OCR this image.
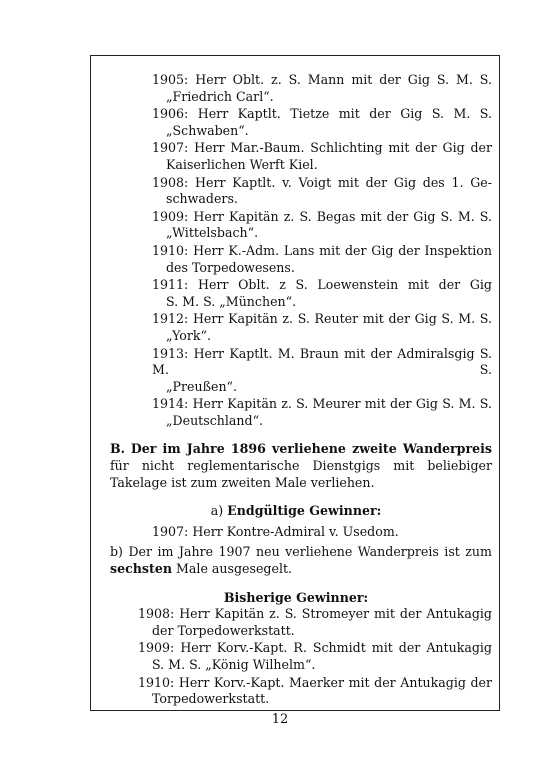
1905: Herr Oblt. z. S. Mann mit der Gig S. M. S.
„Friedrich Carl“.
1906: Herr Kaptlt. Tietze mit der Gig S. M. S.
„Schwaben“.
1907: Herr Mar.-Baum. Schlichting mit der Gig der
Kaiserlichen Werft Kiel.
1908: Herr Kaptlt. v. Voigt mit der Gig des 1. Ge-
schwaders.
1909: Herr Kapitän z. S. Begas mit der Gig S. M. S.
„Wittelsbach“.
1910: Herr K.-Adm. Lans mit der Gig der Inspektion
des Torpedowesens.
1911: Herr Oblt. z S. Loewenstein mit der Gig
S. M. S. „München“.
1912: Herr Kapitän z. S. Reuter mit der Gig S. M. S.
„York“.
1913: Herr Kaptlt. M. Braun mit der Admiralsgig S. M. S.
„Preußen“.
1914: Herr Kapitän z. S. Meurer mit der Gig S. M. S.
„Deutschland“.
B. Der im Jahre 1896 verliehene zweite Wanderpreis für nicht reglementarische Dienstgigs mit beliebiger Takelage ist zum zweiten Male verliehen.
a) Endgültige Gewinner:
1907: Herr Kontre-Admiral v. Usedom.
b) Der im Jahre 1907 neu verliehene Wanderpreis ist zum sechsten Male ausgesegelt.
Bisherige Gewinner:
1908: Herr Kapitän z. S. Stromeyer mit der Antukagig
der Torpedowerkstatt.
1909: Herr Korv.-Kapt. R. Schmidt mit der Antukagig
S. M. S. „König Wilhelm“.
1910: Herr Korv.-Kapt. Maerker mit der Antukagig der
Torpedowerkstatt.
12
